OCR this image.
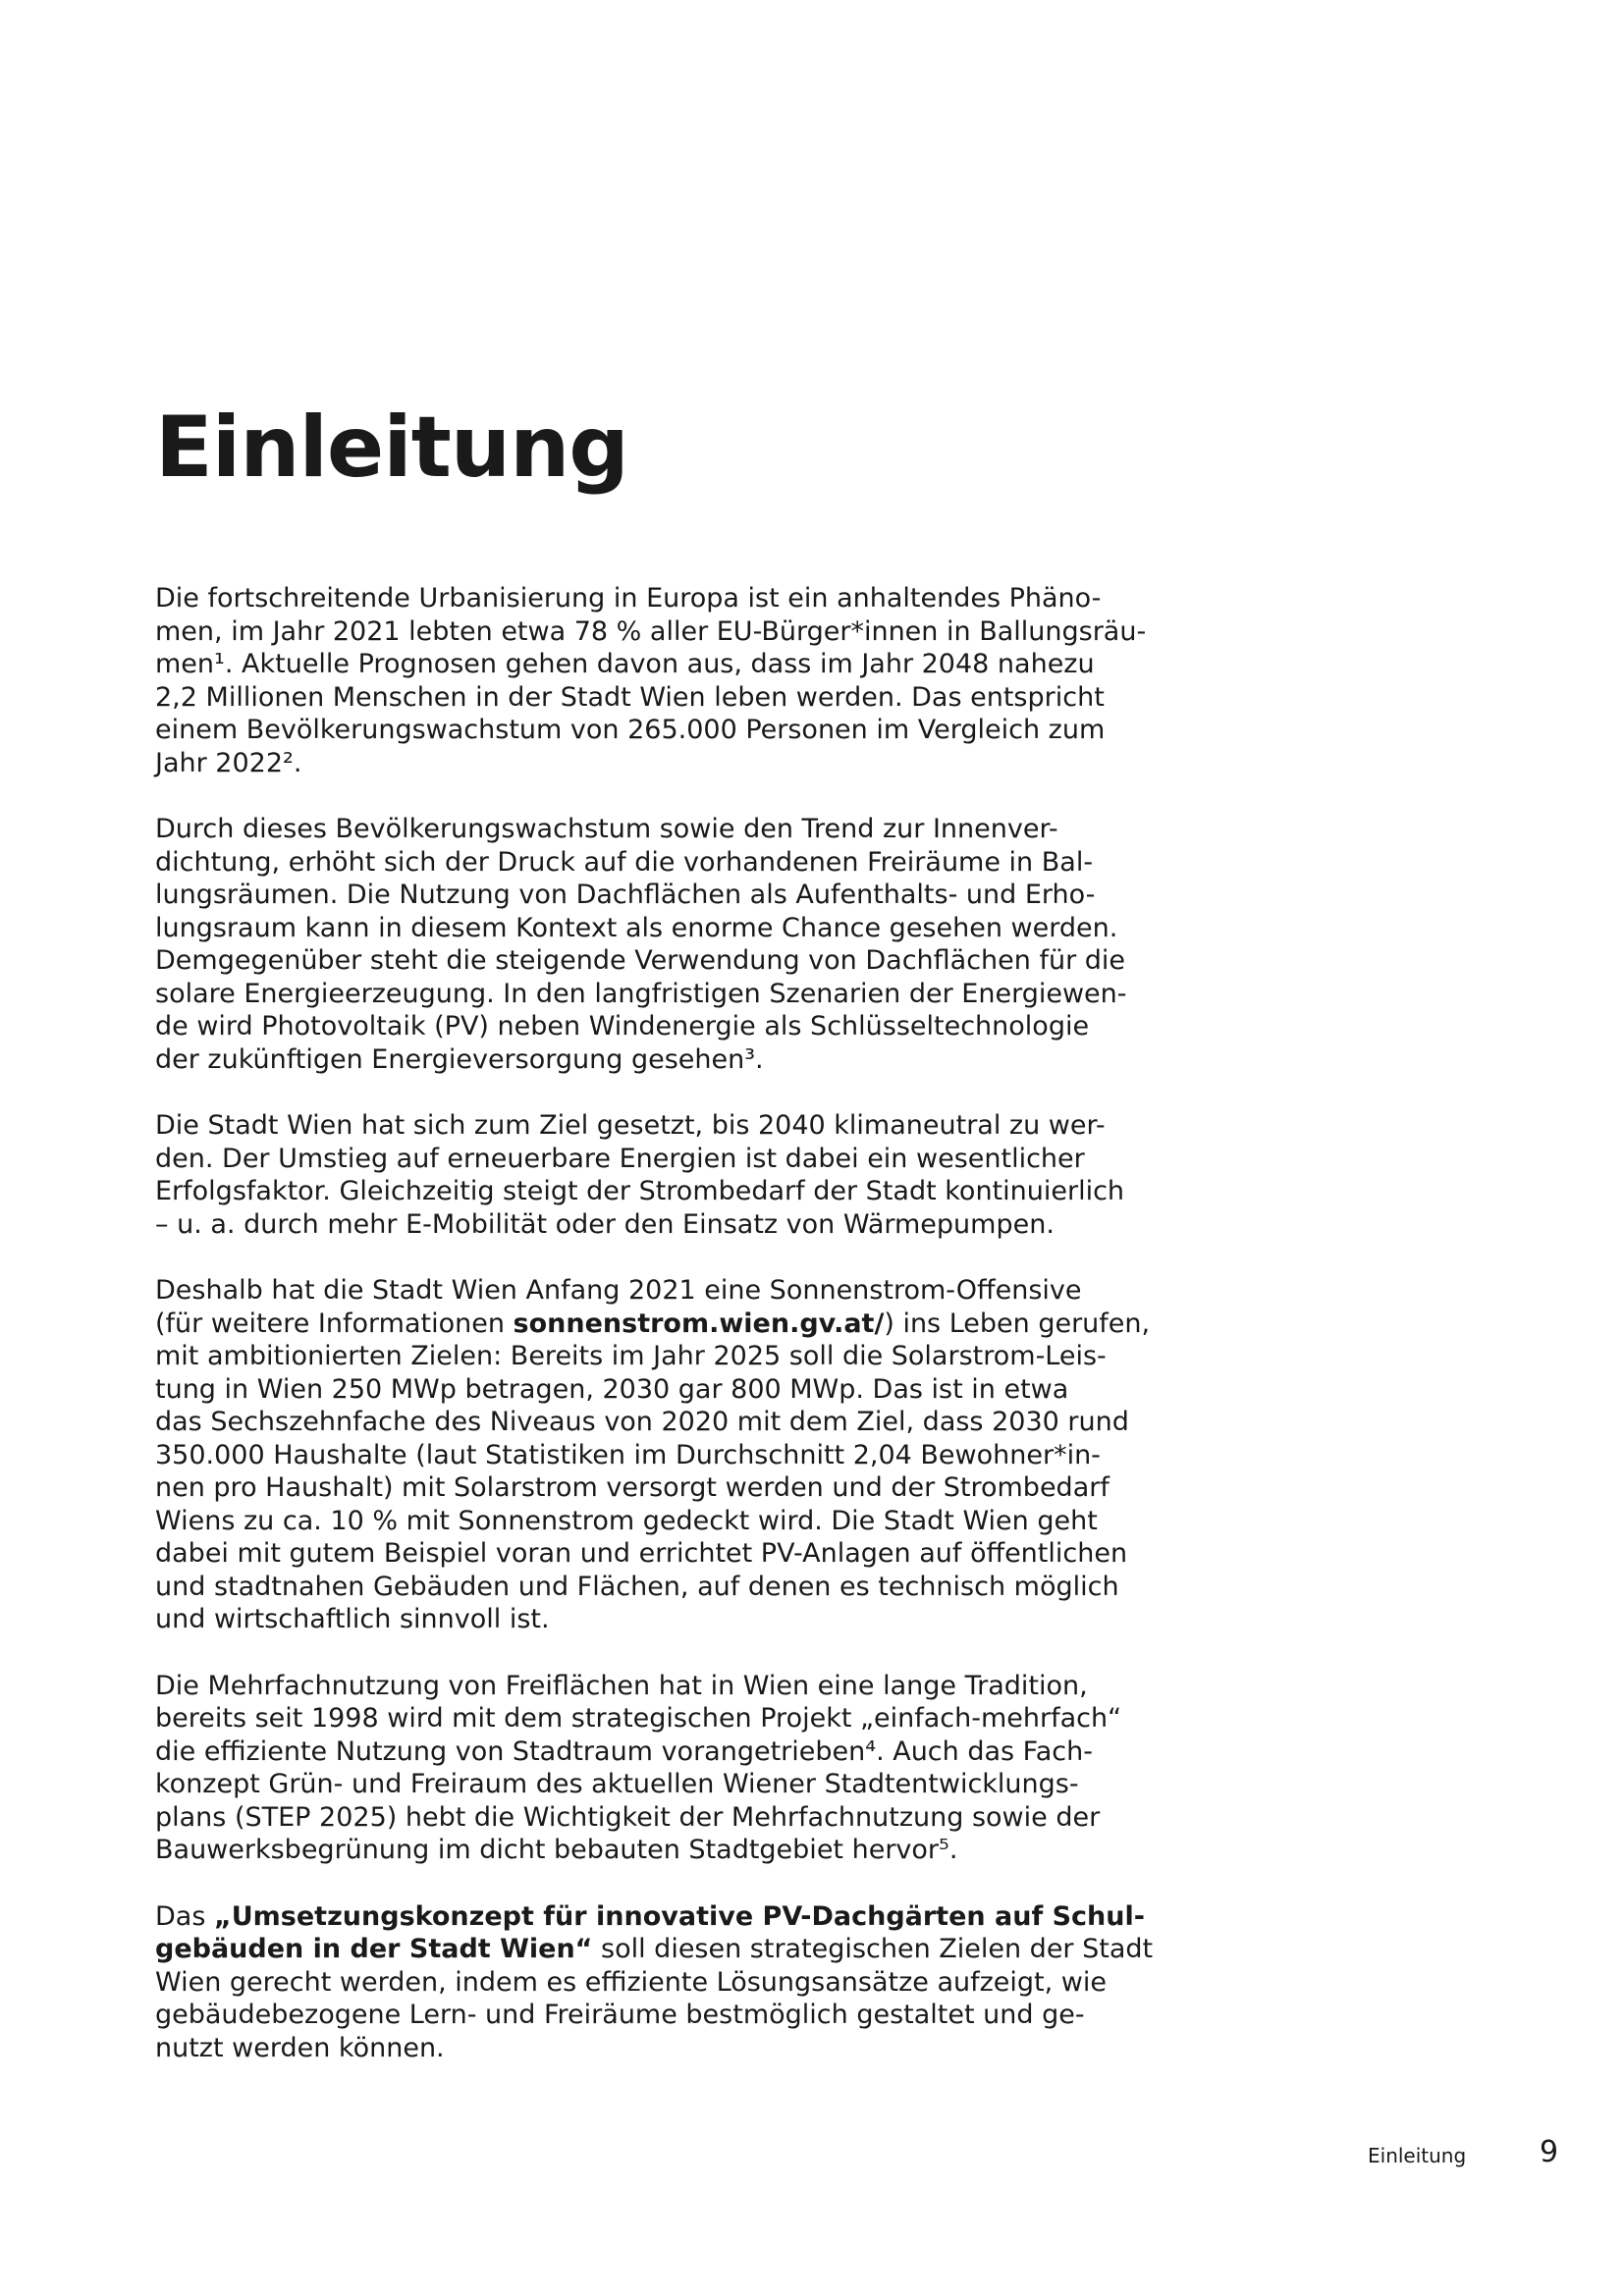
Einleitung

Die fortschreitende Urbanisierung in Europa ist ein anhaltendes Phäno-
men, im Jahr 2021 lebten etwa 78 % aller EU-Bürger*innen in Ballungsräu-
men¹. Aktuelle Prognosen gehen davon aus, dass im Jahr 2048 nahezu
2,2 Millionen Menschen in der Stadt Wien leben werden. Das entspricht
einem Bevölkerungswachstum von 265.000 Personen im Vergleich zum
Jahr 2022².

Durch dieses Bevölkerungswachstum sowie den Trend zur Innenver-
dichtung, erhöht sich der Druck auf die vorhandenen Freiräume in Bal-
lungsräumen. Die Nutzung von Dachflächen als Aufenthalts- und Erho-
lungsraum kann in diesem Kontext als enorme Chance gesehen werden.
Demgegenüber steht die steigende Verwendung von Dachflächen für die
solare Energieerzeugung. In den langfristigen Szenarien der Energiewen-
de wird Photovoltaik (PV) neben Windenergie als Schlüsseltechnologie
der zukünftigen Energieversorgung gesehen³.

Die Stadt Wien hat sich zum Ziel gesetzt, bis 2040 klimaneutral zu wer-
den. Der Umstieg auf erneuerbare Energien ist dabei ein wesentlicher
Erfolgsfaktor. Gleichzeitig steigt der Strombedarf der Stadt kontinuierlich
– u. a. durch mehr E-Mobilität oder den Einsatz von Wärmepumpen.

Deshalb hat die Stadt Wien Anfang 2021 eine Sonnenstrom-Offensive
(für weitere Informationen sonnenstrom.wien.gv.at/) ins Leben gerufen,
mit ambitionierten Zielen: Bereits im Jahr 2025 soll die Solarstrom-Leis-
tung in Wien 250 MWp betragen, 2030 gar 800 MWp. Das ist in etwa
das Sechszehnfache des Niveaus von 2020 mit dem Ziel, dass 2030 rund
350.000 Haushalte (laut Statistiken im Durchschnitt 2,04 Bewohner*in-
nen pro Haushalt) mit Solarstrom versorgt werden und der Strombedarf
Wiens zu ca. 10 % mit Sonnenstrom gedeckt wird. Die Stadt Wien geht
dabei mit gutem Beispiel voran und errichtet PV-Anlagen auf öffentlichen
und stadtnahen Gebäuden und Flächen, auf denen es technisch möglich
und wirtschaftlich sinnvoll ist.

Die Mehrfachnutzung von Freiflächen hat in Wien eine lange Tradition,
bereits seit 1998 wird mit dem strategischen Projekt „einfach-mehrfach“
die effiziente Nutzung von Stadtraum vorangetrieben⁴. Auch das Fach-
konzept Grün- und Freiraum des aktuellen Wiener Stadtentwicklungs-
plans (STEP 2025) hebt die Wichtigkeit der Mehrfachnutzung sowie der
Bauwerksbegrünung im dicht bebauten Stadtgebiet hervor⁵.

Das „Umsetzungskonzept für innovative PV-Dachgärten auf Schul-
gebäuden in der Stadt Wien“ soll diesen strategischen Zielen der Stadt
Wien gerecht werden, indem es effiziente Lösungsansätze aufzeigt, wie
gebäudebezogene Lern- und Freiräume bestmöglich gestaltet und ge-
nutzt werden können.

Einleitung 9
